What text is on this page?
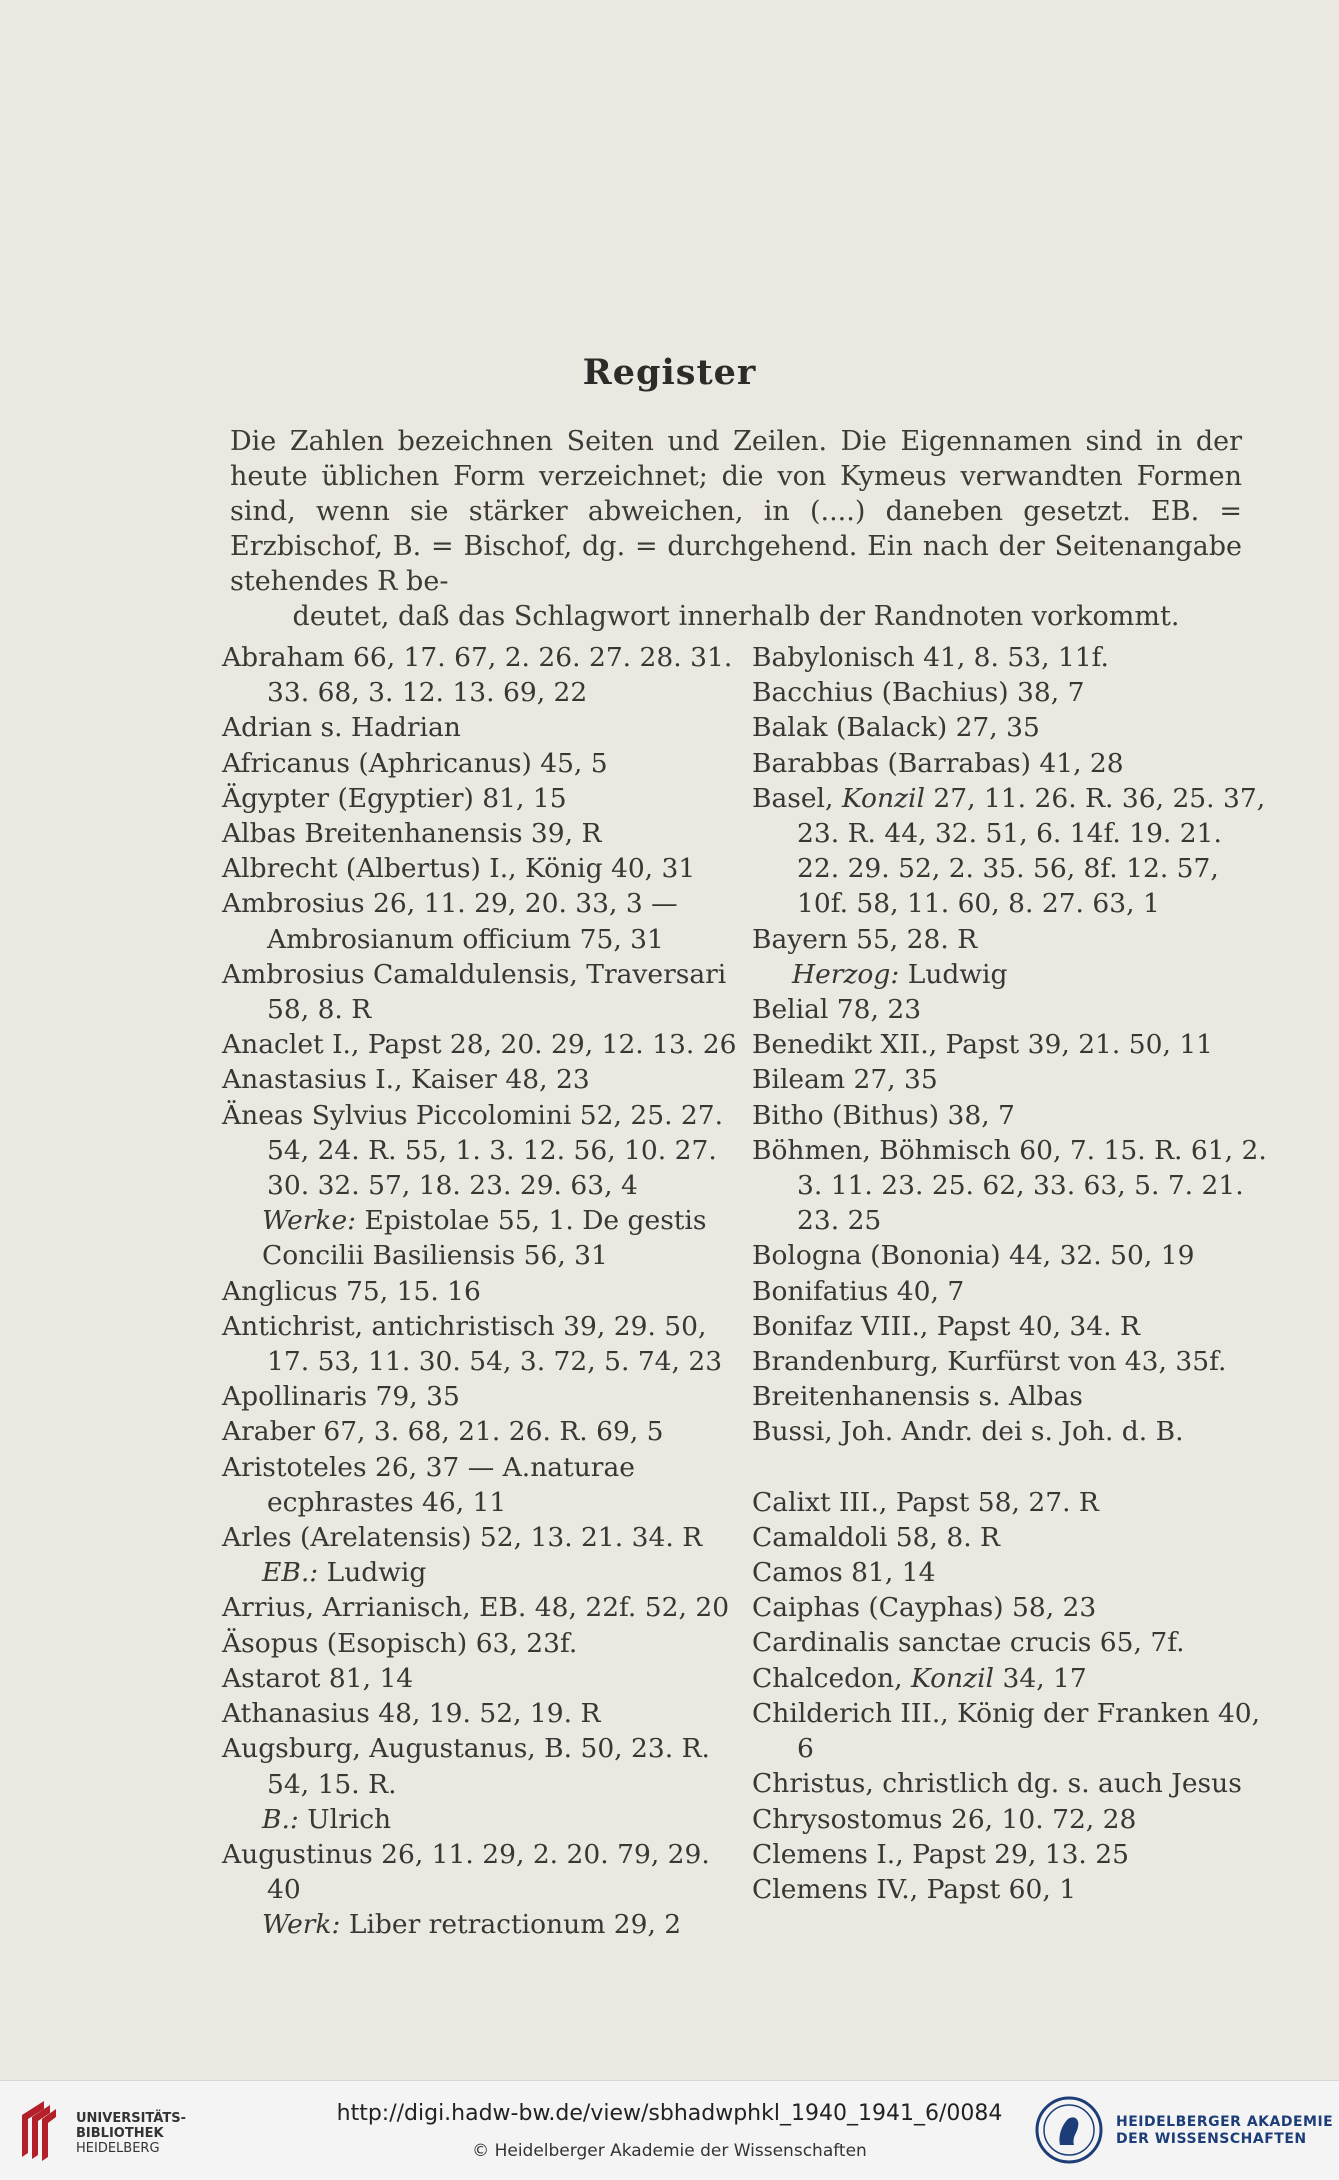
Register
Die Zahlen bezeichnen Seiten und Zeilen. Die Eigennamen sind in der heute üblichen Form verzeichnet; die von Kymeus verwandten Formen sind, wenn sie stärker abweichen, in (....) daneben gesetzt. EB. = Erzbischof, B. = Bischof, dg. = durchgehend. Ein nach der Seitenangabe stehendes R be-
deutet, daß das Schlagwort innerhalb der Randnoten vorkommt.
Abraham 66, 17. 67, 2. 26. 27. 28. 31. 33. 68, 3. 12. 13. 69, 22
Adrian s. Hadrian
Africanus (Aphricanus) 45, 5
Ägypter (Egyptier) 81, 15
Albas Breitenhanensis 39, R
Albrecht (Albertus) I., König 40, 31
Ambrosius 26, 11. 29, 20. 33, 3 — Ambrosianum officium 75, 31
Ambrosius Camaldulensis, Traversari 58, 8. R
Anaclet I., Papst 28, 20. 29, 12. 13. 26
Anastasius I., Kaiser 48, 23
Äneas Sylvius Piccolomini 52, 25. 27. 54, 24. R. 55, 1. 3. 12. 56, 10. 27. 30. 32. 57, 18. 23. 29. 63, 4
Werke: Epistolae 55, 1. De gestis Concilii Basiliensis 56, 31
Anglicus 75, 15. 16
Antichrist, antichristisch 39, 29. 50, 17. 53, 11. 30. 54, 3. 72, 5. 74, 23
Apollinaris 79, 35
Araber 67, 3. 68, 21. 26. R. 69, 5
Aristoteles 26, 37 — A.naturae ecphrastes 46, 11
Arles (Arelatensis) 52, 13. 21. 34. R
EB.: Ludwig
Arrius, Arrianisch, EB. 48, 22f. 52, 20
Äsopus (Esopisch) 63, 23f.
Astarot 81, 14
Athanasius 48, 19. 52, 19. R
Augsburg, Augustanus, B. 50, 23. R. 54, 15. R.
B.: Ulrich
Augustinus 26, 11. 29, 2. 20. 79, 29. 40
Werk: Liber retractionum 29, 2
Babylonisch 41, 8. 53, 11f.
Bacchius (Bachius) 38, 7
Balak (Balack) 27, 35
Barabbas (Barrabas) 41, 28
Basel, Konzil 27, 11. 26. R. 36, 25. 37, 23. R. 44, 32. 51, 6. 14f. 19. 21. 22. 29. 52, 2. 35. 56, 8f. 12. 57, 10f. 58, 11. 60, 8. 27. 63, 1
Bayern 55, 28. R
Herzog: Ludwig
Belial 78, 23
Benedikt XII., Papst 39, 21. 50, 11
Bileam 27, 35
Bitho (Bithus) 38, 7
Böhmen, Böhmisch 60, 7. 15. R. 61, 2. 3. 11. 23. 25. 62, 33. 63, 5. 7. 21. 23. 25
Bologna (Bononia) 44, 32. 50, 19
Bonifatius 40, 7
Bonifaz VIII., Papst 40, 34. R
Brandenburg, Kurfürst von 43, 35f.
Breitenhanensis s. Albas
Bussi, Joh. Andr. dei s. Joh. d. B.
Calixt III., Papst 58, 27. R
Camaldoli 58, 8. R
Camos 81, 14
Caiphas (Cayphas) 58, 23
Cardinalis sanctae crucis 65, 7f.
Chalcedon, Konzil 34, 17
Childerich III., König der Franken 40, 6
Christus, christlich dg. s. auch Jesus
Chrysostomus 26, 10. 72, 28
Clemens I., Papst 29, 13. 25
Clemens IV., Papst 60, 1
UNIVERSITÄTS-
BIBLIOTHEK
HEIDELBERG
http://digi.hadw-bw.de/view/sbhadwphkl_1940_1941_6/0084
© Heidelberger Akademie der Wissenschaften
HEIDELBERGER AKADEMIE
DER WISSENSCHAFTEN
